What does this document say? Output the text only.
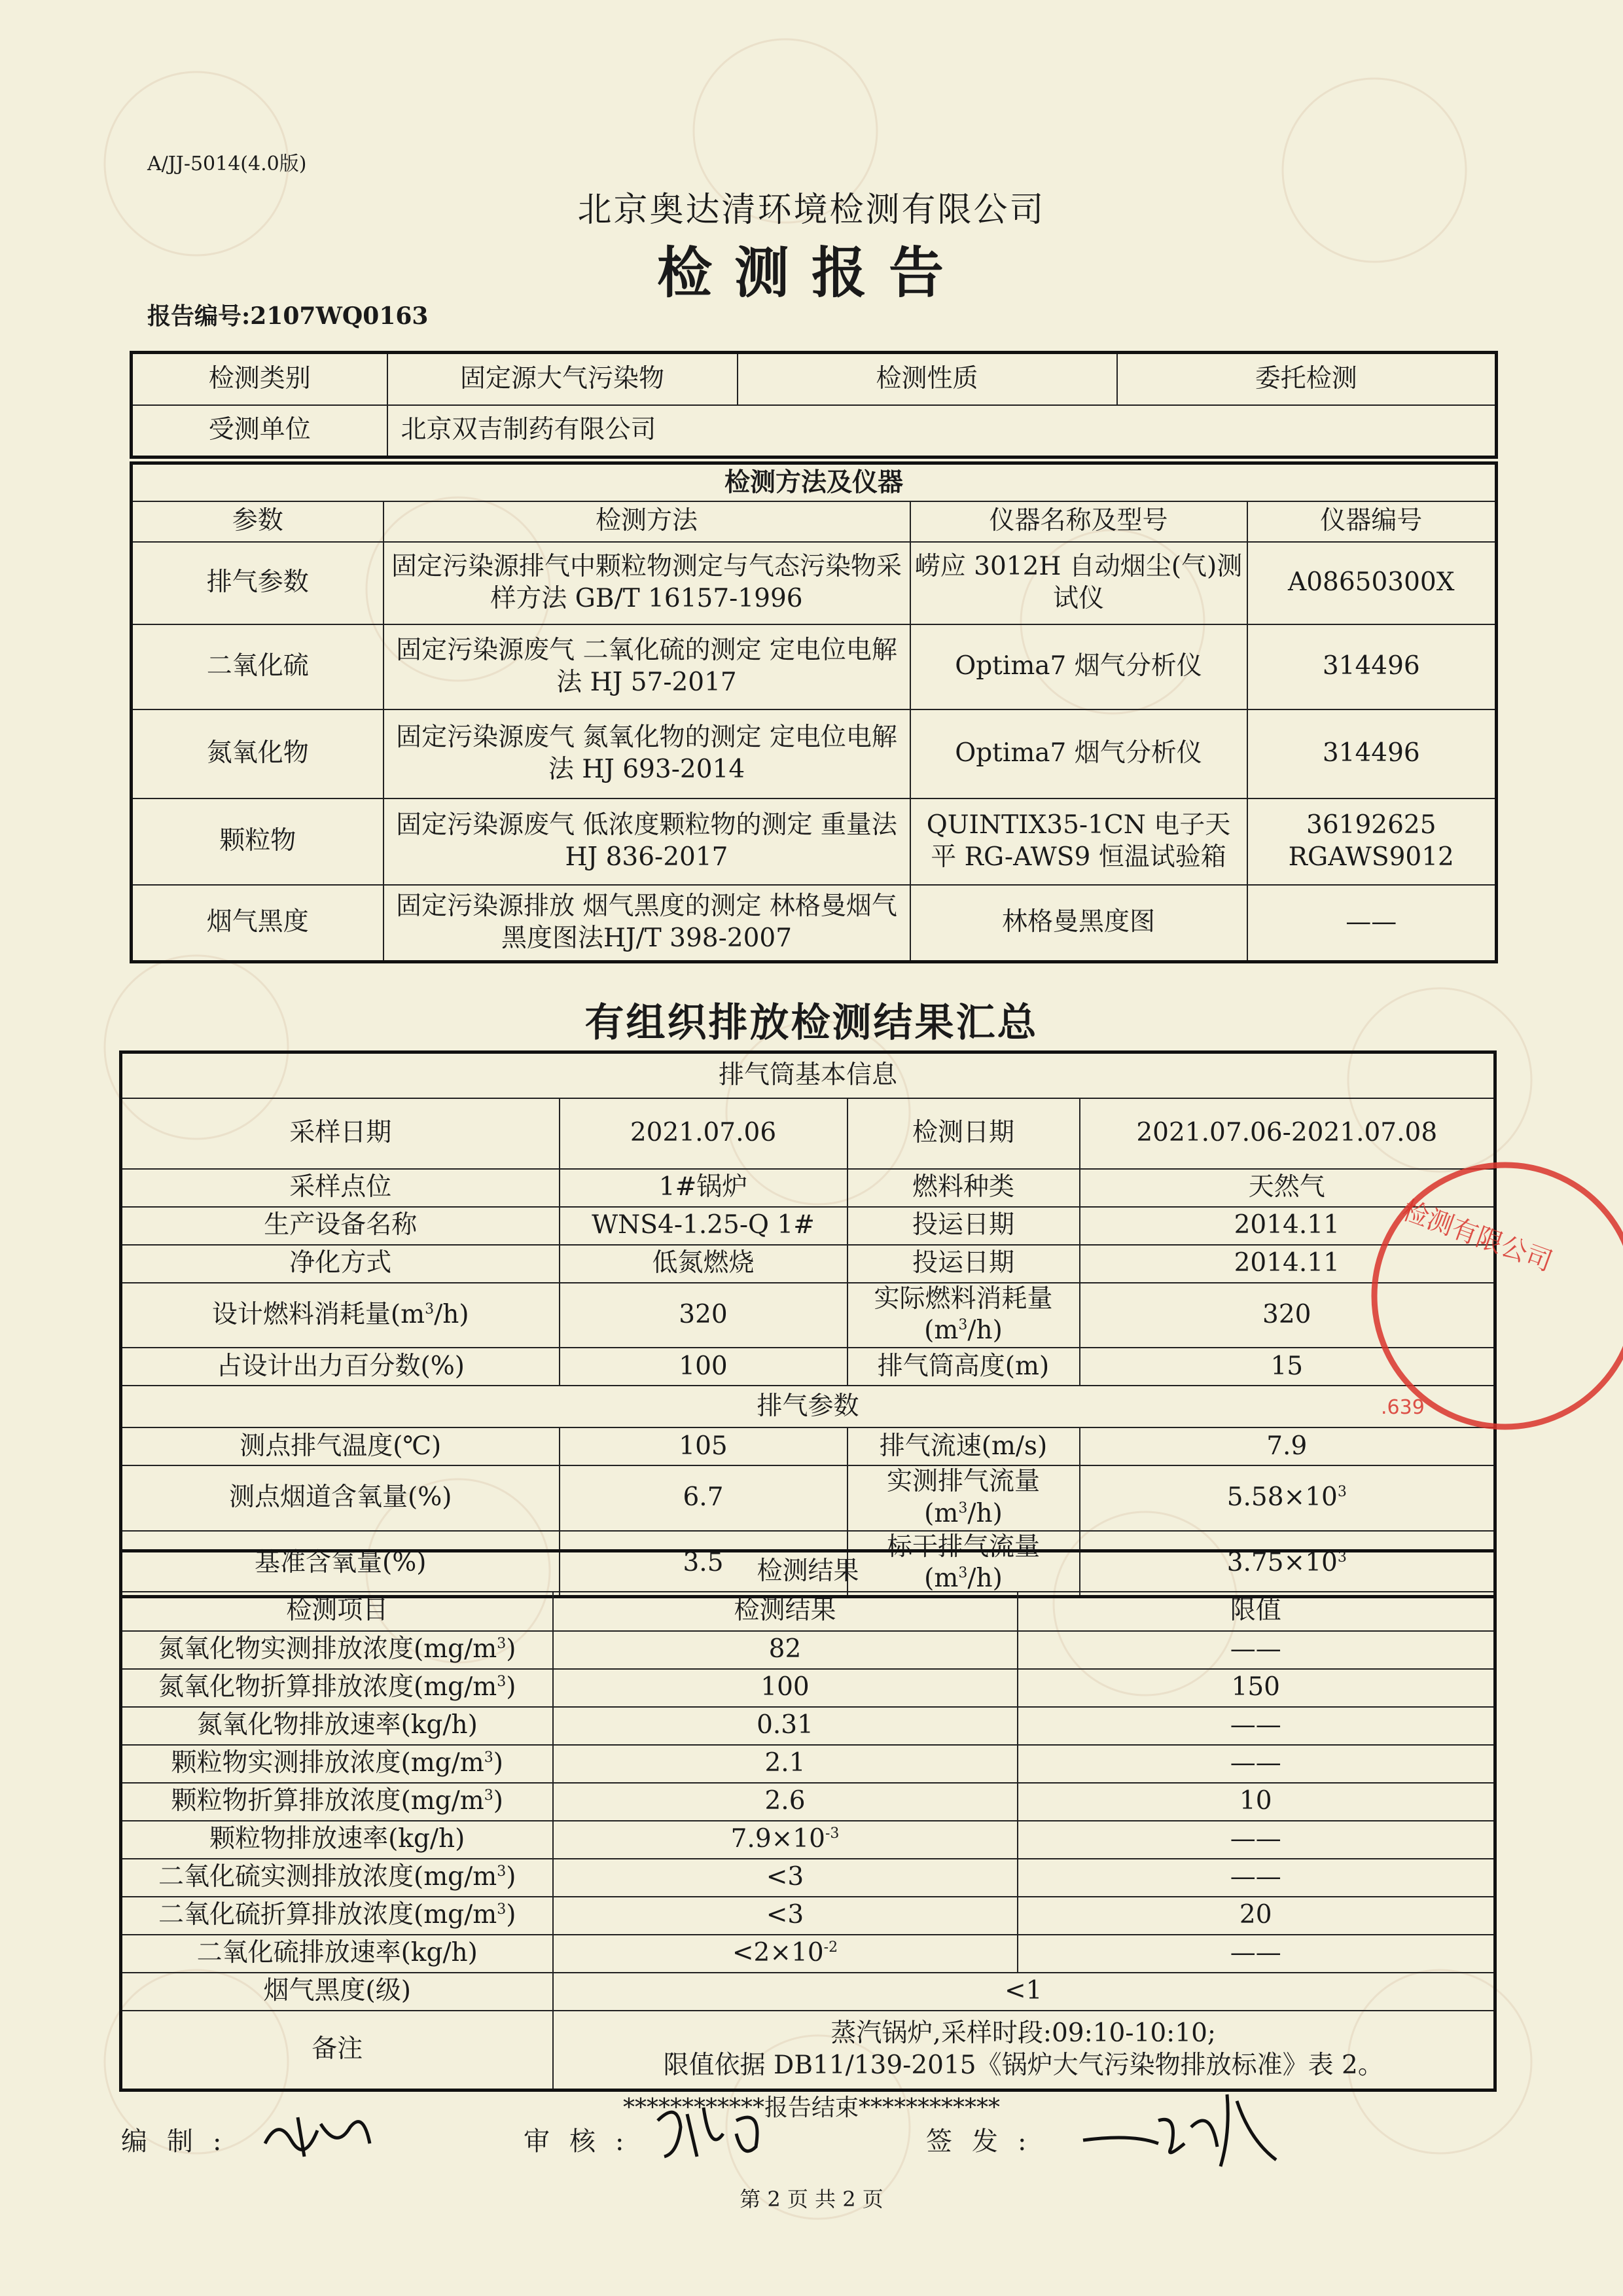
A/JJ-5014(4.0版)
北京奥达清环境检测有限公司
检测报告
报告编号:2107WQ0163
检测类别	固定源大气污染物	检测性质	委托检测
受测单位	北京双吉制药有限公司		
检测方法及仪器			
参数	检测方法	仪器名称及型号	仪器编号
排气参数	固定污染源排气中颗粒物测定与气态污染物采样方法 GB/T 16157-1996	崂应 3012H 自动烟尘(气)测试仪	A08650300X
二氧化硫	固定污染源废气 二氧化硫的测定 定电位电解法 HJ 57-2017	Optima7 烟气分析仪	314496
氮氧化物	固定污染源废气 氮氧化物的测定 定电位电解法 HJ 693-2014	Optima7 烟气分析仪	314496
颗粒物	固定污染源废气 低浓度颗粒物的测定 重量法 HJ 836-2017	QUINTIX35-1CN 电子天平 RG-AWS9 恒温试验箱	36192625 RGAWS9012
烟气黑度	固定污染源排放 烟气黑度的测定 林格曼烟气黑度图法HJ/T 398-2007	林格曼黑度图	——
有组织排放检测结果汇总
排气筒基本信息			
采样日期	2021.07.06	检测日期	2021.07.06-2021.07.08
采样点位	1#锅炉	燃料种类	天然气
生产设备名称	WNS4-1.25-Q 1#	投运日期	2014.11
净化方式	低氮燃烧	投运日期	2014.11
设计燃料消耗量$(m^3/h)$	320	实际燃料消耗量$(m^3/h)$	320
占设计出力百分数(%)	100	排气筒高度(m)	15
排气参数			
测点排气温度(℃)	105	排气流速(m/s)	7.9
测点烟道含氧量(%)	6.7	实测排气流量$(m^3/h)$	$5.58\times 10^3$
基准含氧量(%)	3.5	标干排气流量$(m^3/h)$	$3.75\times 10^3$
检测结果		
检测项目	检测结果	限值
氮氧化物实测排放浓度$(mg/m^3)$	82	——
氮氧化物折算排放浓度$(mg/m^3)$	100	150
氮氧化物排放速率(kg/h)	0.31	——
颗粒物实测排放浓度$(mg/m^3)$	2.1	——
颗粒物折算排放浓度$(mg/m^3)$	2.6	10
颗粒物排放速率(kg/h)	$7.9\times 10^{-3}$	——
二氧化硫实测排放浓度$(mg/m^3)$	<3	——
二氧化硫折算排放浓度$(mg/m^3)$	<3	20
二氧化硫排放速率(kg/h)	$<2\times 10^{-2}$	——
烟气黑度(级)	<1	
备注	蒸汽锅炉,采样时段:09:10-10:10;
限值依据 DB11/139-2015《锅炉大气污染物排放标准》表 2。	
************报告结束************
编制:	审核:	签发:
第 2 页 共 2 页
检测有限公司
.639
